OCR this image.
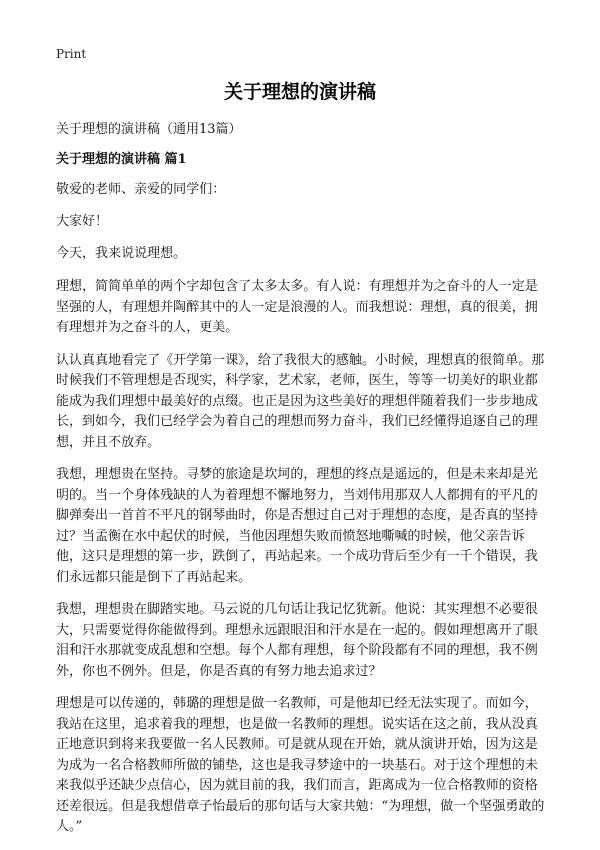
Print
关于理想的演讲稿
关于理想的演讲稿（通用13篇）
关于理想的演讲稿 篇1
敬爱的老师、亲爱的同学们：
大家好！
今天，我来说说理想。
理想，简简单单的两个字却包含了太多太多。有人说：有理想并为之奋斗的人一定是坚强的人，有理想并陶醉其中的人一定是浪漫的人。而我想说：理想，真的很美，拥有理想并为之奋斗的人，更美。
认认真真地看完了《开学第一课》，给了我很大的感触。小时候，理想真的很简单。那时候我们不管理想是否现实，科学家，艺术家，老师，医生，等等一切美好的职业都能成为我们理想中最美好的点缀。也正是因为这些美好的理想伴随着我们一步步地成长，到如今，我们已经学会为着自己的理想而努力奋斗，我们已经懂得追逐自己的理想，并且不放弃。
我想，理想贵在坚持。寻梦的旅途是坎坷的，理想的终点是遥远的，但是未来却是光明的。当一个身体残缺的人为着理想不懈地努力，当刘伟用那双人人都拥有的平凡的脚弹奏出一首首不平凡的钢琴曲时，你是否想过自己对于理想的态度，是否真的坚持过？当孟衡在水中起伏的时候，当他因理想失败而愤怒地嘶喊的时候，他父亲告诉他，这只是理想的第一步，跌倒了，再站起来。一个成功背后至少有一千个错误，我们永远都只能是倒下了再站起来。
我想，理想贵在脚踏实地。马云说的几句话让我记忆犹新。他说：其实理想不必要很大，只需要觉得你能做得到。理想永远跟眼泪和汗水是在一起的。假如理想离开了眼泪和汗水那就变成乱想和空想。每个人都有理想，每个阶段都有不同的理想，我不例外，你也不例外。但是，你是否真的有努力地去追求过？
理想是可以传递的，韩璐的理想是做一名教师，可是他却已经无法实现了。而如今，我站在这里，追求着我的理想，也是做一名教师的理想。说实话在这之前，我从没真正地意识到将来我要做一名人民教师。可是就从现在开始，就从演讲开始，因为这是为成为一名合格教师所做的铺垫，这也是我寻梦途中的一块基石。对于这个理想的未来我似乎还缺少点信心，因为就目前的我，我们而言，距离成为一位合格教师的资格还差很远。但是我想借章子怡最后的那句话与大家共勉：“为理想，做一个坚强勇敢的人。”
